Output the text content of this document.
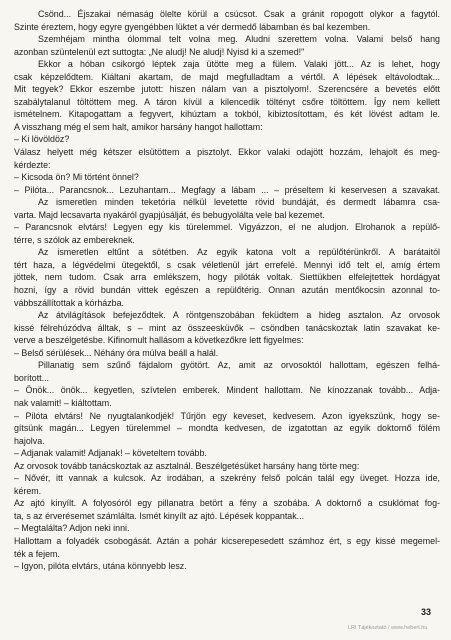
Csönd... Éjszakai némaság ölelte körül a csúcsot. Csak a gránit ropogott olykor a fagytól.
Szinte éreztem, hogy egyre gyengébben lüktet a vér dermedő lábamban és bal kezemben.
Szemhéjam mintha ólommal telt volna meg. Aludni szerettem volna. Valami belső hang
azonban szüntelenül ezt suttogta: „Ne aludj! Ne aludj! Nyisd ki a szemed!"
Ekkor a hóban csikorgó léptek zaja ütötte meg a fülem. Valaki jött... Az is lehet, hogy
csak képzelődtem. Kiáltani akartam, de majd megfulladtam a vértől. A lépések eltávolodtak...
Mit tegyek? Ekkor eszembe jutott: hiszen nálam van a pisztolyom!. Szerencsére a bevetés előtt
szabálytalanul töltöttem meg. A táron kívül a kilencedik töltényt csőre töltöttem. Így nem kellett
ismételnem. Kitapogattam a fegyvert, kihúztam a tokból, kibiztosítottam, és két lövést adtam le.
A visszhang még el sem halt, amikor harsány hangot hallottam:
– Ki lövöldöz?
Válasz helyett még kétszer elsütöttem a pisztolyt. Ekkor valaki odajött hozzám, lehajolt és meg-
kérdezte:
– Kicsoda ön? Mi történt önnel?
– Pilóta... Parancsnok... Lezuhantam... Megfagy a lábam ... – préseltem ki keservesen a szavakat.
Az ismeretlen minden teketória nélkül levetette rövid bundáját, és dermedt lábamra csa-
varta. Majd lecsavarta nyakáról gyapjúsálját, és bebugyolálta vele bal kezemet.
– Parancsnok elvtárs! Legyen egy kis türelemmel. Vigyázzon, el ne aludjon. Elrohanok a repülő-
térre, s szólok az embereknek.
Az ismeretlen eltűnt a sötétben. Az egyik katona volt a repülőtérünkről. A barátaitól
tért haza, a légvédelmi ütegektől, s csak véletlenül járt errefelé. Mennyi idő telt el, amíg értem
jöttek, nem tudom. Csak arra emlékszem, hogy pilóták voltak. Siettükben elfelejtettek hordágyat
hozni, így a rövid bundán vittek egészen a repülőtérig. Onnan azután mentőkocsin azonnal to-
vábbszállítottak a kórházba.
Az átvilágítások befejeződtek. A röntgenszobában feküdtem a hideg asztalon. Az orvosok
kissé félrehúzódva álltak, s – mint az összeesküvők – csöndben tanácskoztak latin szavakat ke-
verve a beszélgetésbe. Kifinomult hallásom a következőkre lett figyelmes:
– Belső sérülések... Néhány óra múlva beáll a halál.
Pillanatig sem szűnő fájdalom gyötört. Az, amit az orvosoktól hallottam, egészen felhá-
borított...
– Önök... önök... kegyetlen, szívtelen emberek. Mindent hallottam. Ne kínozzanak tovább... Adja-
nak valamit! – kiáltottam.
– Pilóta elvtárs! Ne nyugtalankodjék! Tűrjön egy keveset, kedvesem. Azon igyekszünk, hogy se-
gítsünk magán... Legyen türelemmel – mondta kedvesen, de izgatottan az egyik doktornő fölém
hajolva.
– Adjanak valamit! Adjanak! – követeltem tovább.
Az orvosok tovább tanácskoztak az asztalnál. Beszélgetésüket harsány hang törte meg:
– Nővér, itt vannak a kulcsok. Az irodában, a szekrény felső polcán talál egy üveget. Hozza ide,
kérem.
Az ajtó kinyílt. A folyosóról egy pillanatra betört a fény a szobába. A doktornő a csuklómat fog-
ta, s az érverésemet számlálta. Ismét kinyílt az ajtó. Lépések koppantak...
– Megtalálta? Adjon neki inni.
Hallottam a folyadék csobogását. Aztán a pohár kicserepesedett számhoz ért, s egy kissé megemel-
ték a fejem.
– Igyon, pilóta elvtárs, utána könnyebb lesz.
33
LRI Tájékoztató / www.hebert.hu
